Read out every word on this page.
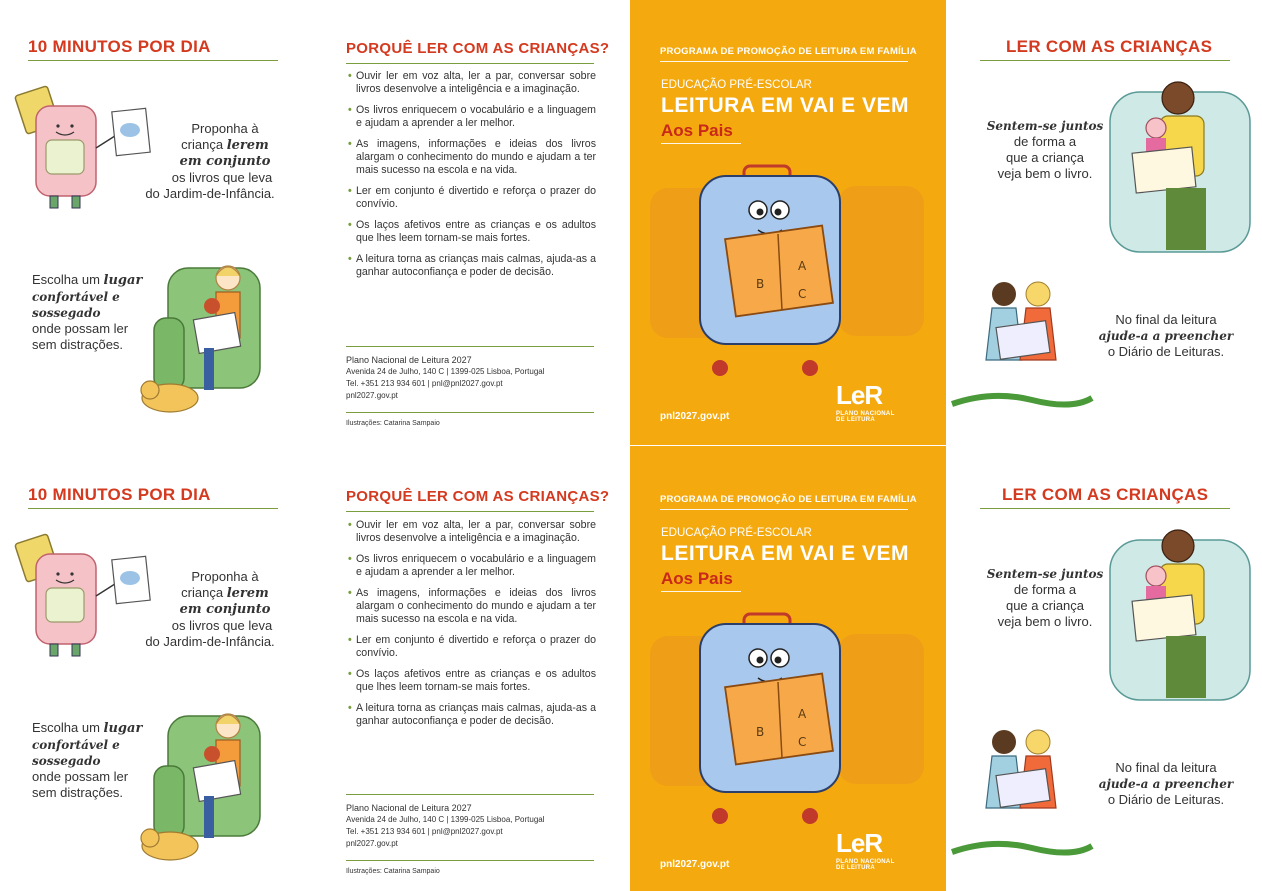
10 MINUTOS POR DIA
Proponha à
criança lerem
em conjunto
os livros que leva
do Jardim-de-Infância.
Escolha um lugar
confortável e sossegado
onde possam ler
sem distrações.
PORQUÊ LER COM AS CRIANÇAS?
• Ouvir ler em voz alta, ler a par, conversar sobre livros desenvolve a inteligência e a imaginação.
• Os livros enriquecem o vocabulário e a linguagem e ajudam a aprender a ler melhor.
• As imagens, informações e ideias dos livros alargam o conhecimento do mundo e ajudam a ter mais sucesso na escola e na vida.
• Ler em conjunto é divertido e reforça o prazer do convívio.
• Os laços afetivos entre as crianças e os adultos que lhes leem tornam-se mais fortes.
• A leitura torna as crianças mais calmas, ajuda-as a ganhar autoconfiança e poder de decisão.
Plano Nacional de Leitura 2027
Avenida 24 de Julho, 140 C | 1399-025 Lisboa, Portugal
Tel. +351 213 934 601 | pnl@pnl2027.gov.pt
pnl2027.gov.pt
Ilustrações: Catarina Sampaio
PROGRAMA DE PROMOÇÃO DE LEITURA EM FAMÍLIA
EDUCAÇÃO PRÉ-ESCOLAR
LEITURA EM VAI E VEM
Aos Pais
A
B
C
pnl2027.gov.pt
LeR
PLANO NACIONAL
DE LEITURA
LER COM AS CRIANÇAS
Sentem-se juntos
de forma a
que a criança
veja bem o livro.
No final da leitura
ajude-a a preencher
o Diário de Leituras.
10 MINUTOS POR DIA
Proponha à
criança lerem
em conjunto
os livros que leva
do Jardim-de-Infância.
Escolha um lugar
confortável e sossegado
onde possam ler
sem distrações.
PORQUÊ LER COM AS CRIANÇAS?
• Ouvir ler em voz alta, ler a par, conversar sobre livros desenvolve a inteligência e a imaginação.
• Os livros enriquecem o vocabulário e a linguagem e ajudam a aprender a ler melhor.
• As imagens, informações e ideias dos livros alargam o conhecimento do mundo e ajudam a ter mais sucesso na escola e na vida.
• Ler em conjunto é divertido e reforça o prazer do convívio.
• Os laços afetivos entre as crianças e os adultos que lhes leem tornam-se mais fortes.
• A leitura torna as crianças mais calmas, ajuda-as a ganhar autoconfiança e poder de decisão.
Plano Nacional de Leitura 2027
Avenida 24 de Julho, 140 C | 1399-025 Lisboa, Portugal
Tel. +351 213 934 601 | pnl@pnl2027.gov.pt
pnl2027.gov.pt
Ilustrações: Catarina Sampaio
PROGRAMA DE PROMOÇÃO DE LEITURA EM FAMÍLIA
EDUCAÇÃO PRÉ-ESCOLAR
LEITURA EM VAI E VEM
Aos Pais
A
B
C
pnl2027.gov.pt
LeR
PLANO NACIONAL
DE LEITURA
LER COM AS CRIANÇAS
Sentem-se juntos
de forma a
que a criança
veja bem o livro.
No final da leitura
ajude-a a preencher
o Diário de Leituras.
